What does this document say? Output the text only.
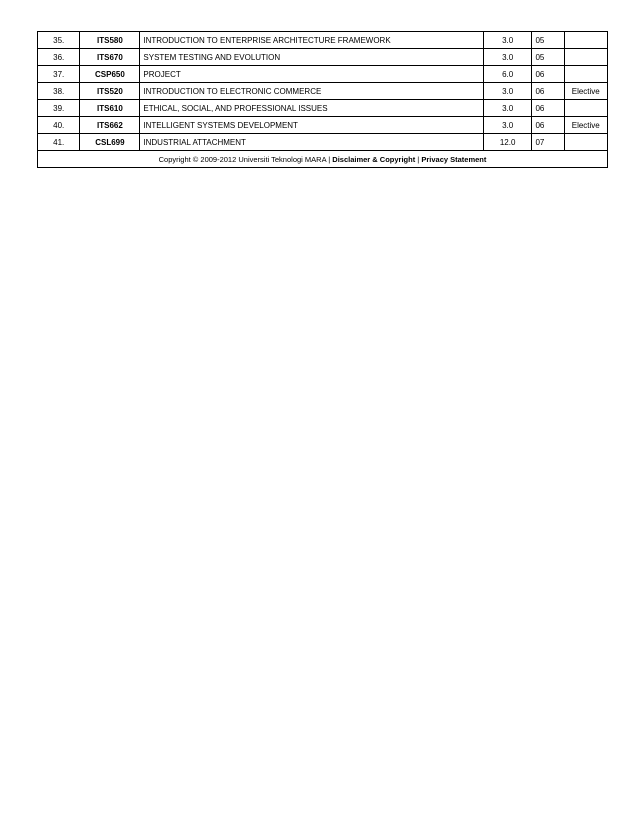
35.	ITS580	INTRODUCTION TO ENTERPRISE ARCHITECTURE FRAMEWORK	3.0	05	
36.	ITS670	SYSTEM TESTING AND EVOLUTION	3.0	05	
37.	CSP650	PROJECT	6.0	06	
38.	ITS520	INTRODUCTION TO ELECTRONIC COMMERCE	3.0	06	Elective
39.	ITS610	ETHICAL, SOCIAL, AND PROFESSIONAL ISSUES	3.0	06	
40.	ITS662	INTELLIGENT SYSTEMS DEVELOPMENT	3.0	06	Elective
41.	CSL699	INDUSTRIAL ATTACHMENT	12.0	07	
Copyright © 2009-2012 Universiti Teknologi MARA | Disclaimer & Copyright | Privacy Statement					
